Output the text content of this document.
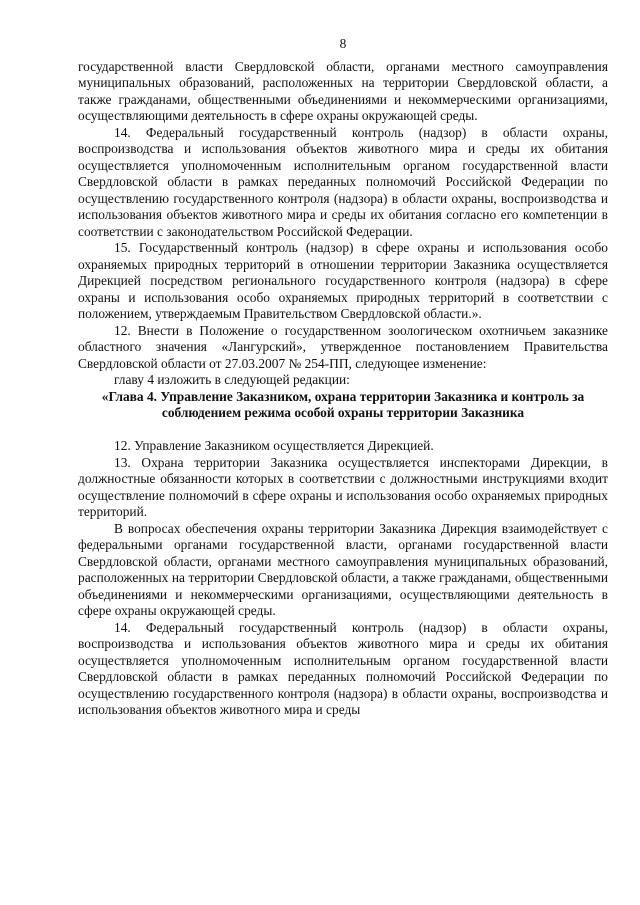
8

государственной власти Свердловской области, органами местного самоуправления муниципальных образований, расположенных на территории Свердловской области, а также гражданами, общественными объединениями и некоммерческими организациями, осуществляющими деятельность в сфере охраны окружающей среды.

14. Федеральный государственный контроль (надзор) в области охраны, воспроизводства и использования объектов животного мира и среды их обитания осуществляется уполномоченным исполнительным органом государственной власти Свердловской области в рамках переданных полномочий Российской Федерации по осуществлению государственного контроля (надзора) в области охраны, воспроизводства и использования объектов животного мира и среды их обитания согласно его компетенции в соответствии с законодательством Российской Федерации.

15. Государственный контроль (надзор) в сфере охраны и использования особо охраняемых природных территорий в отношении территории Заказника осуществляется Дирекцией посредством регионального государственного контроля (надзора) в сфере охраны и использования особо охраняемых природных территорий в соответствии с положением, утверждаемым Правительством Свердловской области.».

12. Внести в Положение о государственном зоологическом охотничьем заказнике областного значения «Лангурский», утвержденное постановлением Правительства Свердловской области от 27.03.2007 № 254-ПП, следующее изменение:

главу 4 изложить в следующей редакции:

«Глава 4. Управление Заказником, охрана территории Заказника и контроль за соблюдением режима особой охраны территории Заказника

12. Управление Заказником осуществляется Дирекцией.

13. Охрана территории Заказника осуществляется инспекторами Дирекции, в должностные обязанности которых в соответствии с должностными инструкциями входит осуществление полномочий в сфере охраны и использования особо охраняемых природных территорий.

В вопросах обеспечения охраны территории Заказника Дирекция взаимодействует с федеральными органами государственной власти, органами государственной власти Свердловской области, органами местного самоуправления муниципальных образований, расположенных на территории Свердловской области, а также гражданами, общественными объединениями и некоммерческими организациями, осуществляющими деятельность в сфере охраны окружающей среды.

14. Федеральный государственный контроль (надзор) в области охраны, воспроизводства и использования объектов животного мира и среды их обитания осуществляется уполномоченным исполнительным органом государственной власти Свердловской области в рамках переданных полномочий Российской Федерации по осуществлению государственного контроля (надзора) в области охраны, воспроизводства и использования объектов животного мира и среды
